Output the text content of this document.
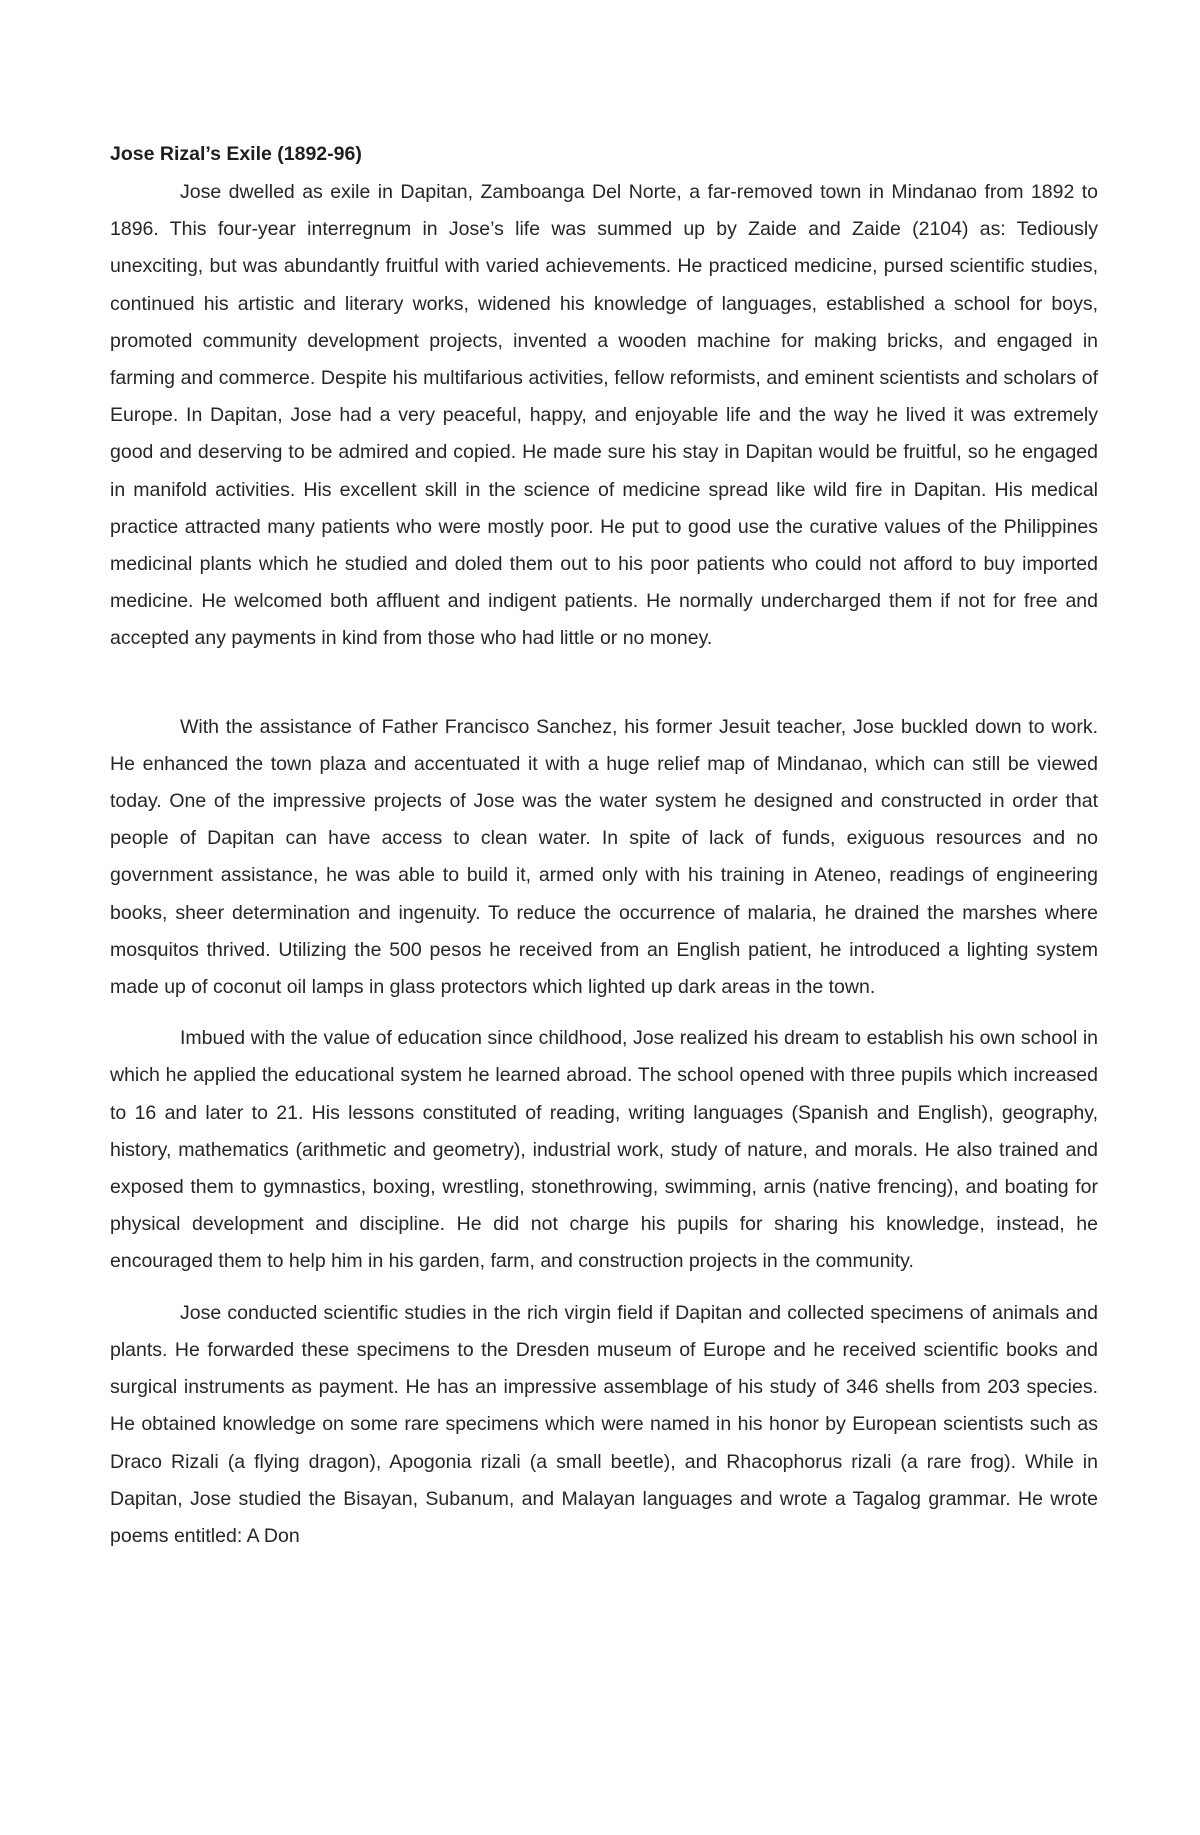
Jose Rizal’s Exile (1892-96)

Jose dwelled as exile in Dapitan, Zamboanga Del Norte, a far-removed town in Mindanao from 1892 to 1896. This four-year interregnum in Jose’s life was summed up by Zaide and Zaide (2104) as: Tediously unexciting, but was abundantly fruitful with varied achievements. He practiced medicine, pursed scientific studies, continued his artistic and literary works, widened his knowledge of languages, established a school for boys, promoted community development projects, invented a wooden machine for making bricks, and engaged in farming and commerce. Despite his multifarious activities, fellow reformists, and eminent scientists and scholars of Europe. In Dapitan, Jose had a very peaceful, happy, and enjoyable life and the way he lived it was extremely good and deserving to be admired and copied. He made sure his stay in Dapitan would be fruitful, so he engaged in manifold activities. His excellent skill in the science of medicine spread like wild fire in Dapitan. His medical practice attracted many patients who were mostly poor. He put to good use the curative values of the Philippines medicinal plants which he studied and doled them out to his poor patients who could not afford to buy imported medicine. He welcomed both affluent and indigent patients. He normally undercharged them if not for free and accepted any payments in kind from those who had little or no money.

With the assistance of Father Francisco Sanchez, his former Jesuit teacher, Jose buckled down to work. He enhanced the town plaza and accentuated it with a huge relief map of Mindanao, which can still be viewed today. One of the impressive projects of Jose was the water system he designed and constructed in order that people of Dapitan can have access to clean water. In spite of lack of funds, exiguous resources and no government assistance, he was able to build it, armed only with his training in Ateneo, readings of engineering books, sheer determination and ingenuity. To reduce the occurrence of malaria, he drained the marshes where mosquitos thrived. Utilizing the 500 pesos he received from an English patient, he introduced a lighting system made up of coconut oil lamps in glass protectors which lighted up dark areas in the town.

Imbued with the value of education since childhood, Jose realized his dream to establish his own school in which he applied the educational system he learned abroad. The school opened with three pupils which increased to 16 and later to 21. His lessons constituted of reading, writing languages (Spanish and English), geography, history, mathematics (arithmetic and geometry), industrial work, study of nature, and morals. He also trained and exposed them to gymnastics, boxing, wrestling, stonethrowing, swimming, arnis (native frencing), and boating for physical development and discipline. He did not charge his pupils for sharing his knowledge, instead, he encouraged them to help him in his garden, farm, and construction projects in the community.

Jose conducted scientific studies in the rich virgin field if Dapitan and collected specimens of animals and plants. He forwarded these specimens to the Dresden museum of Europe and he received scientific books and surgical instruments as payment. He has an impressive assemblage of his study of 346 shells from 203 species. He obtained knowledge on some rare specimens which were named in his honor by European scientists such as Draco Rizali (a flying dragon), Apogonia rizali (a small beetle), and Rhacophorus rizali (a rare frog). While in Dapitan, Jose studied the Bisayan, Subanum, and Malayan languages and wrote a Tagalog grammar. He wrote poems entitled: A Don
